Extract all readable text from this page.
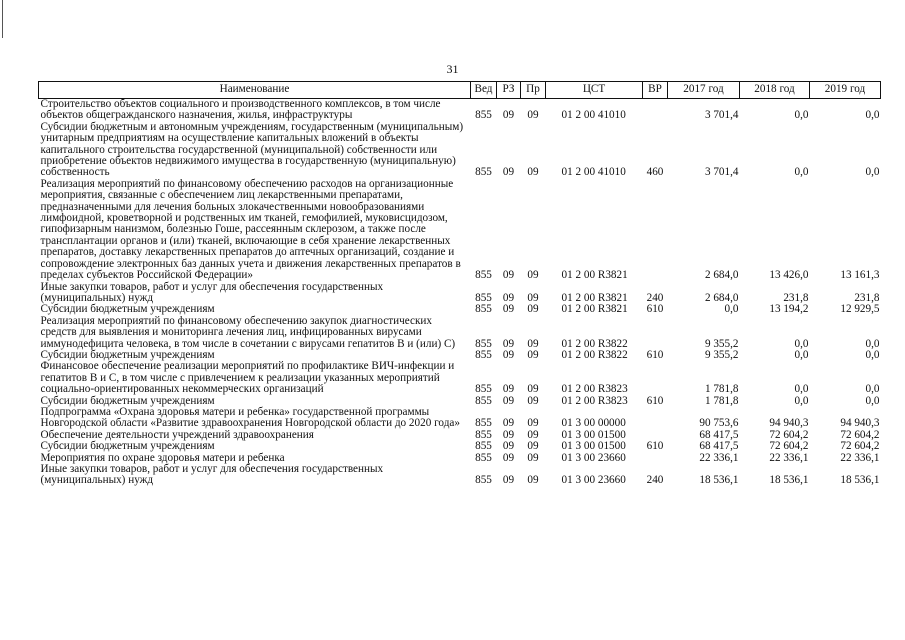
31
Наименование	Вед	РЗ	Пр	ЦСТ	ВР	2017 год	2018 год	2019 год
Строительство объектов социального и производственного комплексов, в том числе объектов общегражданского назначения, жилья, инфраструктуры	855	09	09	01 2 00 41010		3 701,4	0,0	0,0
Субсидии бюджетным и автономным учреждениям, государственным (муниципальным) унитарным предприятиям на осуществление капитальных вложений в объекты капитального строительства государственной (муниципальной) собственности или приобретение объектов недвижимого имущества в государственную (муниципальную) собственность	855	09	09	01 2 00 41010	460	3 701,4	0,0	0,0
Реализация мероприятий по финансовому обеспечению расходов на организационные мероприятия, связанные с обеспечением лиц лекарственными препаратами, предназначенными для лечения больных злокачественными новообразованиями лимфоидной, кроветворной и родственных им тканей, гемофилией, муковисцидозом, гипофизарным нанизмом, болезнью Гоше, рассеянным склерозом, а также после трансплантации органов и (или) тканей, включающие в себя хранение лекарственных препаратов, доставку лекарственных препаратов до аптечных организаций, создание и сопровождение электронных баз данных учета и движения лекарственных препаратов в пределах субъектов Российской Федерации»	855	09	09	01 2 00 R3821		2 684,0	13 426,0	13 161,3
Иные закупки товаров, работ и услуг для обеспечения государственных (муниципальных) нужд	855	09	09	01 2 00 R3821	240	2 684,0	231,8	231,8
Субсидии бюджетным учреждениям	855	09	09	01 2 00 R3821	610	0,0	13 194,2	12 929,5
Реализация мероприятий по финансовому обеспечению закупок диагностических средств для выявления и мониторинга лечения лиц, инфицированных вирусами иммунодефицита человека, в том числе в сочетании с вирусами гепатитов В и (или) С)	855	09	09	01 2 00 R3822		9 355,2	0,0	0,0
Субсидии бюджетным учреждениям	855	09	09	01 2 00 R3822	610	9 355,2	0,0	0,0
Финансовое обеспечение реализации мероприятий по профилактике ВИЧ-инфекции и гепатитов В и С, в том числе с привлечением к реализации указанных мероприятий социально-ориентированных некоммерческих организаций	855	09	09	01 2 00 R3823		1 781,8	0,0	0,0
Субсидии бюджетным учреждениям	855	09	09	01 2 00 R3823	610	1 781,8	0,0	0,0
Подпрограмма «Охрана здоровья матери и ребенка» государственной программы Новгородской области «Развитие здравоохранения Новгородской области до 2020 года»	855	09	09	01 3 00 00000		90 753,6	94 940,3	94 940,3
Обеспечение деятельности учреждений здравоохранения	855	09	09	01 3 00 01500		68 417,5	72 604,2	72 604,2
Субсидии бюджетным учреждениям	855	09	09	01 3 00 01500	610	68 417,5	72 604,2	72 604,2
Мероприятия по охране здоровья матери и ребенка	855	09	09	01 3 00 23660		22 336,1	22 336,1	22 336,1
Иные закупки товаров, работ и услуг для обеспечения государственных (муниципальных) нужд	855	09	09	01 3 00 23660	240	18 536,1	18 536,1	18 536,1
